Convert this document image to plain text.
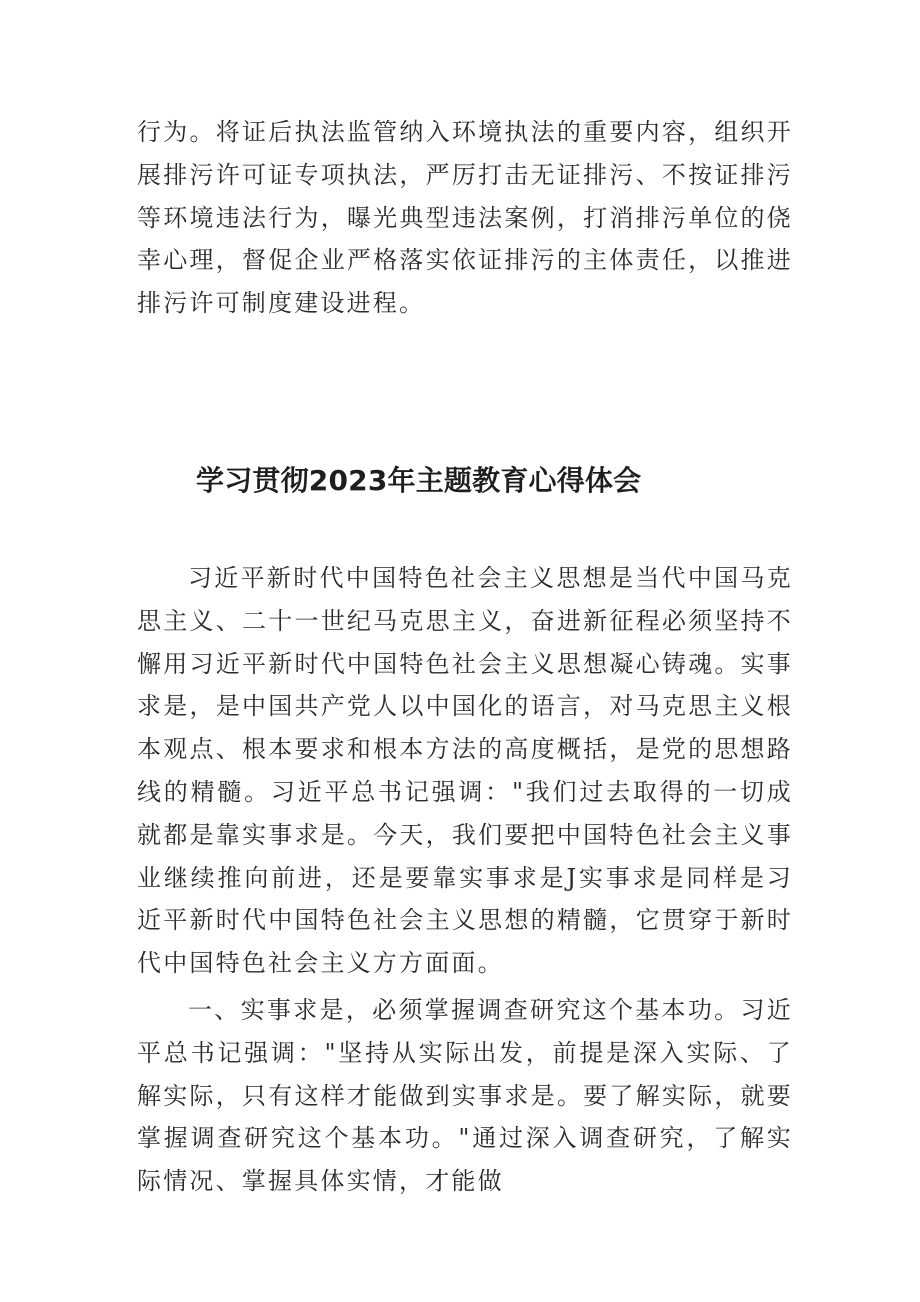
行为。将证后执法监管纳入环境执法的重要内容，组织开展排污许可证专项执法，严厉打击无证排污、不按证排污等环境违法行为，曝光典型违法案例，打消排污单位的侥幸心理，督促企业严格落实依证排污的主体责任，以推进排污许可制度建设进程。

学习贯彻2023年主题教育心得体会

习近平新时代中国特色社会主义思想是当代中国马克思主义、二十一世纪马克思主义，奋进新征程必须坚持不懈用习近平新时代中国特色社会主义思想凝心铸魂。实事求是，是中国共产党人以中国化的语言，对马克思主义根本观点、根本要求和根本方法的高度概括，是党的思想路线的精髓。习近平总书记强调："我们过去取得的一切成就都是靠实事求是。今天，我们要把中国特色社会主义事业继续推向前进，还是要靠实事求是J实事求是同样是习近平新时代中国特色社会主义思想的精髓，它贯穿于新时代中国特色社会主义方方面面。

一、实事求是，必须掌握调查研究这个基本功。习近平总书记强调："坚持从实际出发，前提是深入实际、了解实际，只有这样才能做到实事求是。要了解实际，就要掌握调查研究这个基本功。"通过深入调查研究，了解实际情况、掌握具体实情，才能做
